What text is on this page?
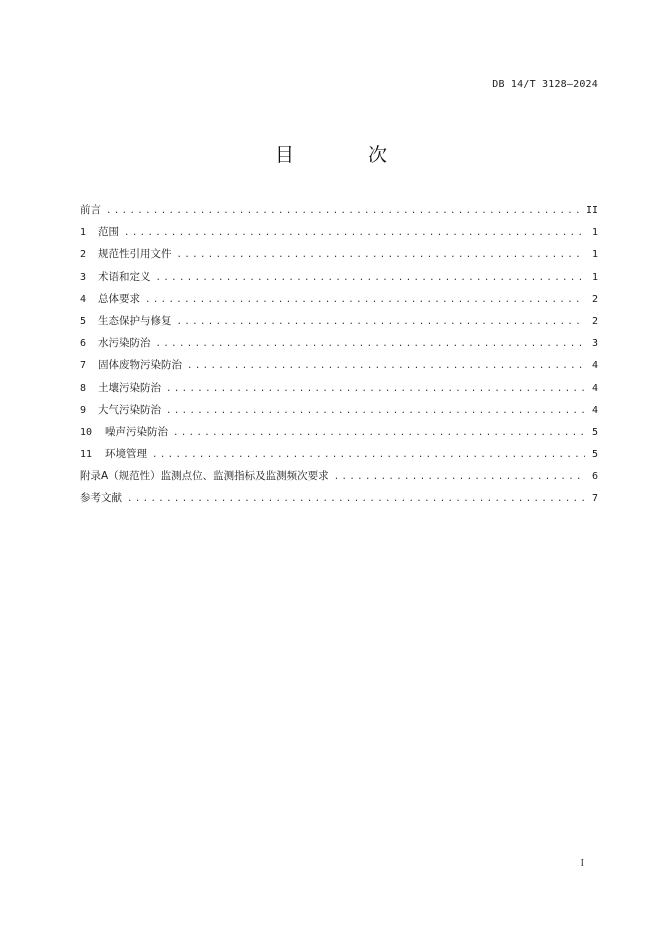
DB 14/T 3128—2024
目 次
前言 .....	II
1	范围 .....	1
2	规范性引用文件 .....	1
3	术语和定义 .....	1
4	总体要求 .....	2
5	生态保护与修复 .....	2
6	水污染防治 .....	3
7	固体废物污染防治 .....	4
8	土壤污染防治 .....	4
9	大气污染防治 .....	4
10	噪声污染防治 .....	5
11	环境管理 .....	5
附录A（规范性）监测点位、监测指标及监测频次要求 .....	6
参考文献 .....	7
I
